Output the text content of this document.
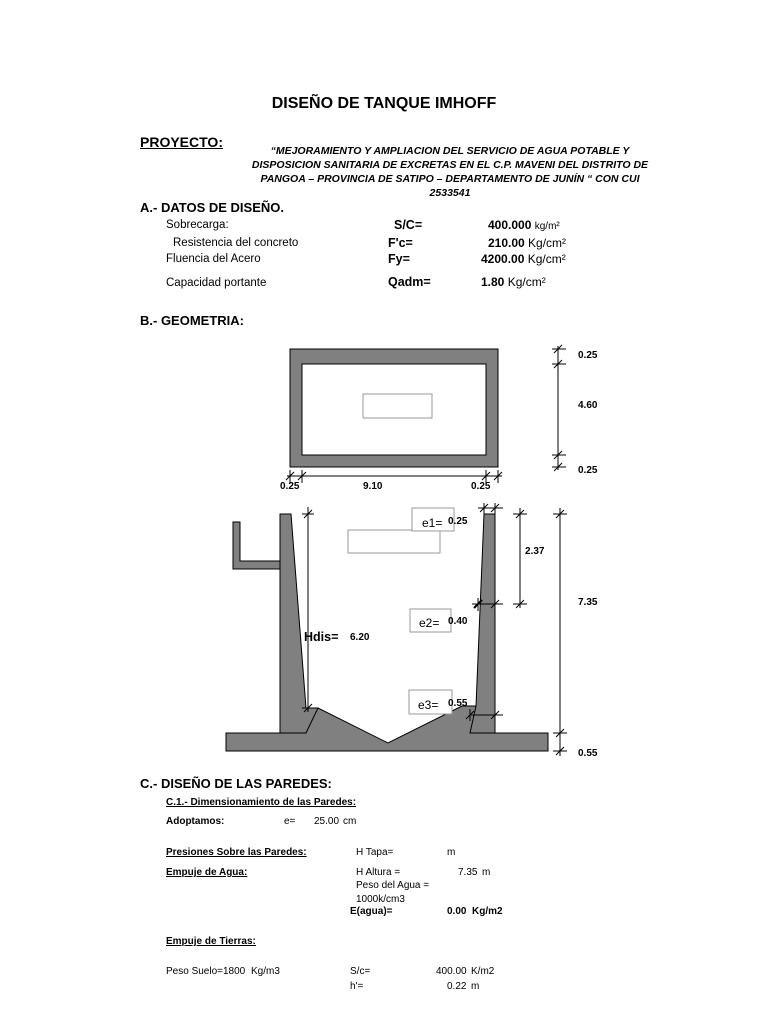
DISEÑO DE TANQUE IMHOFF
PROYECTO:
“MEJORAMIENTO Y AMPLIACION DEL SERVICIO DE AGUA POTABLE Y
DISPOSICION SANITARIA DE EXCRETAS EN EL C.P. MAVENI DEL DISTRITO DE
PANGOA – PROVINCIA DE SATIPO – DEPARTAMENTO DE JUNÍN “ CON CUI
2533541
A.- DATOS DE DISEÑO.
Sobrecarga:	S/C=	400.000 kg/m²
Resistencia del concreto	F'c=	210.00 Kg/cm²
Fluencia del Acero	Fy=	4200.00 Kg/cm²
Capacidad portante	Qadm=	1.80 Kg/cm²
B.- GEOMETRIA:
0.25
4.60
0.25
0.25	9.10	0.25
e1= 0.25
e2= 0.40
e3= 0.55
Hdis= 6.20
2.37
7.35
0.55
C.- DISEÑO DE LAS PAREDES:
C.1.- Dimensionamiento de las Paredes:
Adoptamos:	e= 25.00 cm
Presiones Sobre las Paredes:	H Tapa=	m
Empuje de Agua:	H Altura =	7.35 m
Peso del Agua =
1000k/cm3
E(agua)=	0.00 Kg/m2
Empuje de Tierras:
Peso Suelo=1800 Kg/m3	S/c=	400.00 K/m2
h'=	0.22 m
